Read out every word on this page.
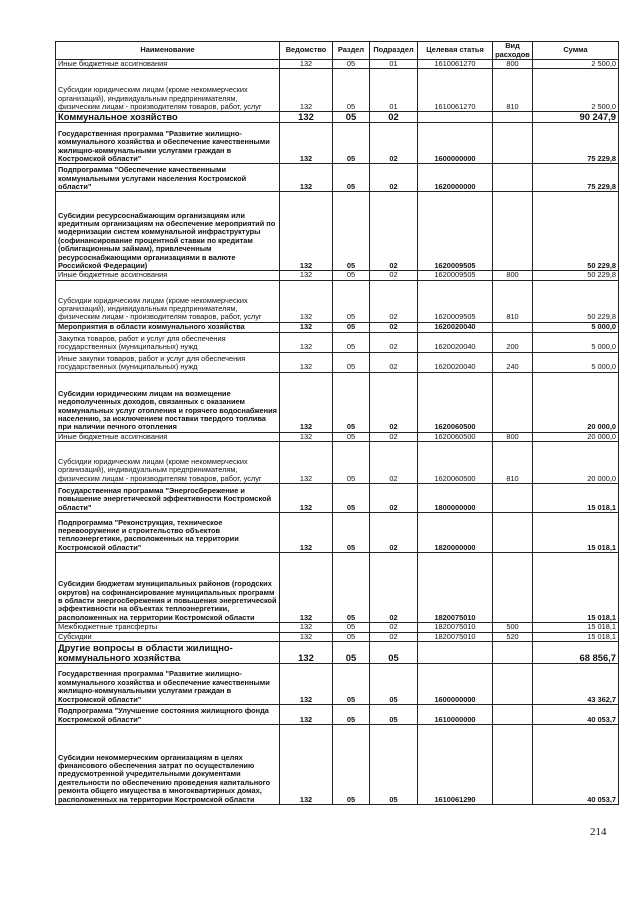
Наименование	Ведомство	Раздел	Подраздел	Целевая статья	Вид расходов	Сумма
Иные бюджетные ассигнования	132	05	01	1610061270	800	2 500,0
Субсидии юридическим лицам (кроме некоммерческих организаций), индивидуальным предпринимателям, физическим лицам - производителям товаров, работ, услуг	132	05	01	1610061270	810	2 500,0
Коммунальное хозяйство	132	05	02			90 247,9
Государственная программа "Развитие жилищно-коммунального хозяйства и обеспечение качественными жилищно-коммунальными услугами граждан в Костромской области"	132	05	02	1600000000		75 229,8
Подпрограмма "Обеспечение качественными коммунальными услугами населения Костромской области"	132	05	02	1620000000		75 229,8
Субсидии ресурсоснабжающим организациям или кредитным организациям на обеспечение мероприятий по модернизации систем коммунальной инфраструктуры (софинансирование процентной ставки по кредитам (облигационным займам), привлеченным ресурсоснабжающими организациями в валюте Российской Федерации)	132	05	02	1620009505		50 229,8
Иные бюджетные ассигнования	132	05	02	1620009505	800	50 229,8
Субсидии юридическим лицам (кроме некоммерческих организаций), индивидуальным предпринимателям, физическим лицам - производителям товаров, работ, услуг	132	05	02	1620009505	810	50 229,8
Мероприятия в области коммунального хозяйства	132	05	02	1620020040		5 000,0
Закупка товаров, работ и услуг для обеспечения государственных (муниципальных) нужд	132	05	02	1620020040	200	5 000,0
Иные закупки товаров, работ и услуг для обеспечения государственных (муниципальных) нужд	132	05	02	1620020040	240	5 000,0
Субсидии юридическим лицам на возмещение недополученных доходов, связанных с оказанием коммунальных услуг отопления и горячего водоснабжения населению, за исключением поставки твердого топлива при наличии печного отопления	132	05	02	1620060500		20 000,0
Иные бюджетные ассигнования	132	05	02	1620060500	800	20 000,0
Субсидии юридическим лицам (кроме некоммерческих организаций), индивидуальным предпринимателям, физическим лицам - производителям товаров, работ, услуг	132	05	02	1620060500	810	20 000,0
Государственная программа "Энергосбережение и повышение энергетической эффективности Костромской области"	132	05	02	1800000000		15 018,1
Подпрограмма "Реконструкция, техническое перевооружение и строительство объектов теплоэнергетики, расположенных на территории Костромской области"	132	05	02	1820000000		15 018,1
Субсидии бюджетам муниципальных районов (городских округов) на софинансирование муниципальных программ в области энергосбережения и повышения энергетической эффективности на объектах теплоэнергетики, расположенных на территории Костромской области	132	05	02	1820075010		15 018,1
Межбюджетные трансферты	132	05	02	1820075010	500	15 018,1
Субсидии	132	05	02	1820075010	520	15 018,1
Другие вопросы в области жилищно-коммунального хозяйства	132	05	05			68 856,7
Государственная программа "Развитие жилищно-коммунального хозяйства и обеспечение качественными жилищно-коммунальными услугами граждан в Костромской области"	132	05	05	1600000000		43 362,7
Подпрограмма "Улучшение состояния жилищного фонда Костромской области"	132	05	05	1610000000		40 053,7
Субсидии некоммерческим организациям в целях финансового обеспечения затрат по осуществлению предусмотренной учредительными документами деятельности по обеспечению проведения капитального ремонта общего имущества в многоквартирных домах, расположенных на территории Костромской области	132	05	05	1610061290		40 053,7
214
